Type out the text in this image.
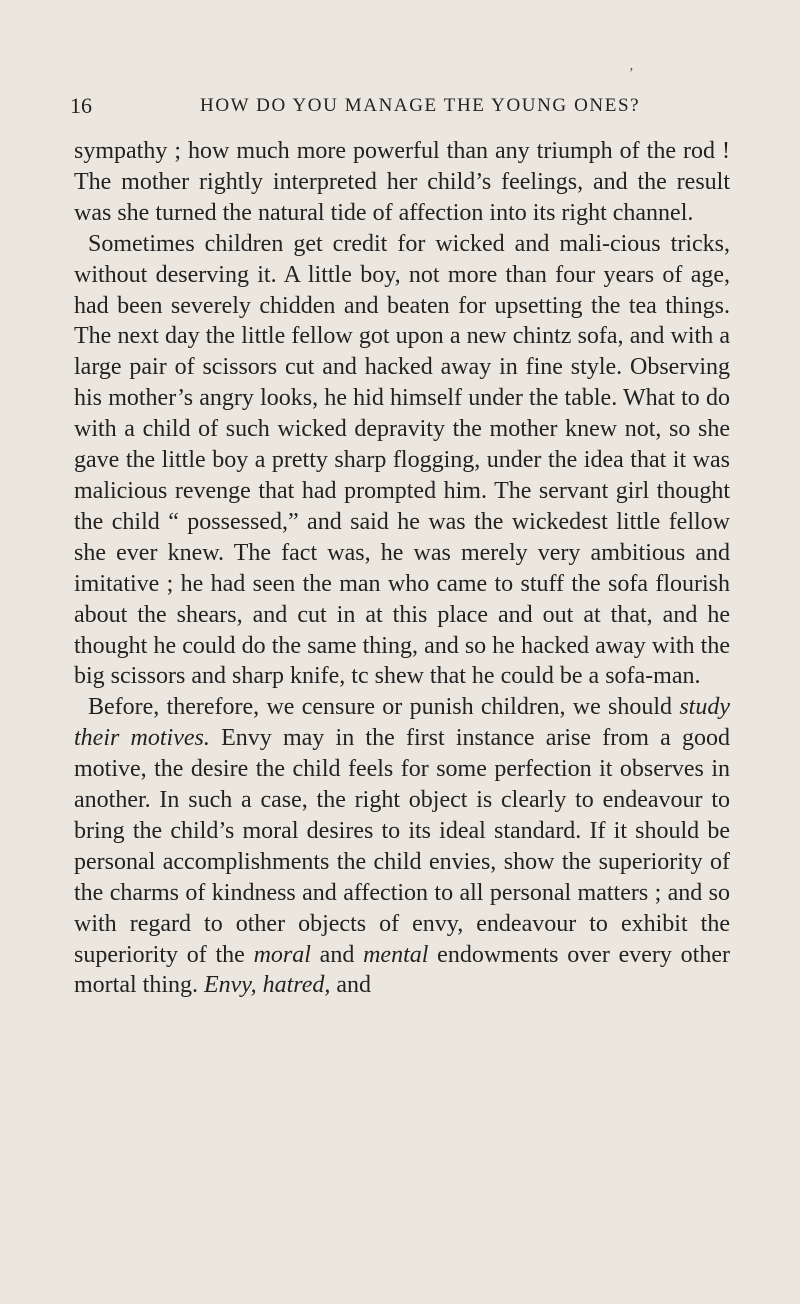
’
16	HOW DO YOU MANAGE THE YOUNG ONES?

sympathy ; how much more powerful than any triumph of the rod ! The mother rightly interpreted her child’s feelings, and the result was she turned the natural tide of affection into its right channel.

Sometimes children get credit for wicked and mali-cious tricks, without deserving it. A little boy, not more than four years of age, had been severely chidden and beaten for upsetting the tea things. The next day the little fellow got upon a new chintz sofa, and with a large pair of scissors cut and hacked away in fine style. Observing his mother’s angry looks, he hid himself under the table. What to do with a child of such wicked depravity the mother knew not, so she gave the little boy a pretty sharp flogging, under the idea that it was malicious revenge that had prompted him. The servant girl thought the child “ possessed,” and said he was the wickedest little fellow she ever knew. The fact was, he was merely very ambitious and imitative ; he had seen the man who came to stuff the sofa flourish about the shears, and cut in at this place and out at that, and he thought he could do the same thing, and so he hacked away with the big scissors and sharp knife, tc shew that he could be a sofa-man.

Before, therefore, we censure or punish children, we should study their motives. Envy may in the first instance arise from a good motive, the desire the child feels for some perfection it observes in another. In such a case, the right object is clearly to endeavour to bring the child’s moral desires to its ideal standard. If it should be personal accomplishments the child envies, show the superiority of the charms of kindness and affection to all personal matters ; and so with regard to other objects of envy, endeavour to exhibit the superiority of the moral and mental endowments over every other mortal thing. Envy, hatred, and
